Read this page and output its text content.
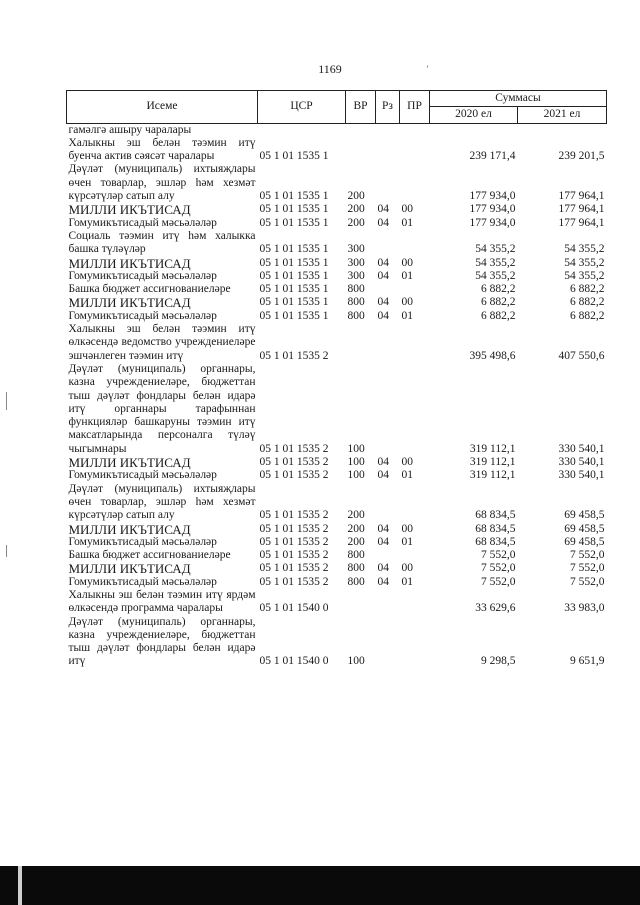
1169	ʼ
Исеме	ЦСР	ВР	Рз	ПР	Суммасы	
					2020 ел	2021 ел
гамәлгә ашыру чаралары						
Халыкны эш белән тәэмин итү буенча актив сәясәт чаралары	05 1 01 1535 1				239 171,4	239 201,5
Дәүләт (муниципаль) ихтыяҗлары өчен товарлар, эшләр һәм хезмәт күрсәтүләр сатып алу	05 1 01 1535 1	200			177 934,0	177 964,1
МИЛЛИ ИКЪТИСАД	05 1 01 1535 1	200	04	00	177 934,0	177 964,1
Гомумикътисадый мәсьәләләр	05 1 01 1535 1	200	04	01	177 934,0	177 964,1
Социаль тәэмин итү һәм халыкка башка түләүләр	05 1 01 1535 1	300			54 355,2	54 355,2
МИЛЛИ ИКЪТИСАД	05 1 01 1535 1	300	04	00	54 355,2	54 355,2
Гомумикътисадый мәсьәләләр	05 1 01 1535 1	300	04	01	54 355,2	54 355,2
Башка бюджет ассигнованиеләре	05 1 01 1535 1	800			6 882,2	6 882,2
МИЛЛИ ИКЪТИСАД	05 1 01 1535 1	800	04	00	6 882,2	6 882,2
Гомумикътисадый мәсьәләләр	05 1 01 1535 1	800	04	01	6 882,2	6 882,2
Халыкны эш белән тәэмин итү өлкәсендә ведомство учреждениеләре эшчәнлеген тәэмин итү	05 1 01 1535 2				395 498,6	407 550,6
Дәүләт (муниципаль) органнары, казна учреждениеләре, бюджеттан тыш дәүләт фондлары белән идарә итү органнары тарафыннан функцияләр башкаруны тәэмин итү максатларында персоналга түләү чыгымнары	05 1 01 1535 2	100			319 112,1	330 540,1
МИЛЛИ ИКЪТИСАД	05 1 01 1535 2	100	04	00	319 112,1	330 540,1
Гомумикътисадый мәсьәләләр	05 1 01 1535 2	100	04	01	319 112,1	330 540,1
Дәүләт (муниципаль) ихтыяҗлары өчен товарлар, эшләр һәм хезмәт күрсәтүләр сатып алу	05 1 01 1535 2	200			68 834,5	69 458,5
МИЛЛИ ИКЪТИСАД	05 1 01 1535 2	200	04	00	68 834,5	69 458,5
Гомумикътисадый мәсьәләләр	05 1 01 1535 2	200	04	01	68 834,5	69 458,5
Башка бюджет ассигнованиеләре	05 1 01 1535 2	800			7 552,0	7 552,0
МИЛЛИ ИКЪТИСАД	05 1 01 1535 2	800	04	00	7 552,0	7 552,0
Гомумикътисадый мәсьәләләр	05 1 01 1535 2	800	04	01	7 552,0	7 552,0
Халыкны эш белән тәэмин итү ярдәм өлкәсендә программа чаралары	05 1 01 1540 0				33 629,6	33 983,0
Дәүләт (муниципаль) органнары, казна учреждениеләре, бюджеттан тыш дәүләт фондлары белән идарә итү	05 1 01 1540 0	100			9 298,5	9 651,9
